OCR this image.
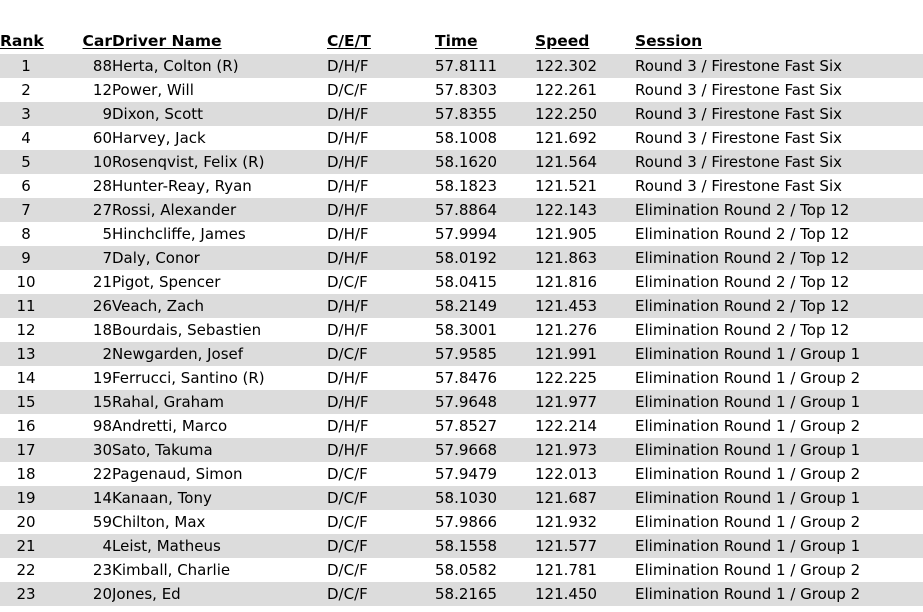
Rank	Car	Driver Name	C/E/T	Time	Speed	Session
1	88	Herta, Colton (R)	D/H/F	57.8111	122.302	Round 3 / Firestone Fast Six
2	12	Power, Will	D/C/F	57.8303	122.261	Round 3 / Firestone Fast Six
3	9	Dixon, Scott	D/H/F	57.8355	122.250	Round 3 / Firestone Fast Six
4	60	Harvey, Jack	D/H/F	58.1008	121.692	Round 3 / Firestone Fast Six
5	10	Rosenqvist, Felix (R)	D/H/F	58.1620	121.564	Round 3 / Firestone Fast Six
6	28	Hunter-Reay, Ryan	D/H/F	58.1823	121.521	Round 3 / Firestone Fast Six
7	27	Rossi, Alexander	D/H/F	57.8864	122.143	Elimination Round 2 / Top 12
8	5	Hinchcliffe, James	D/H/F	57.9994	121.905	Elimination Round 2 / Top 12
9	7	Daly, Conor	D/H/F	58.0192	121.863	Elimination Round 2 / Top 12
10	21	Pigot, Spencer	D/C/F	58.0415	121.816	Elimination Round 2 / Top 12
11	26	Veach, Zach	D/H/F	58.2149	121.453	Elimination Round 2 / Top 12
12	18	Bourdais, Sebastien	D/H/F	58.3001	121.276	Elimination Round 2 / Top 12
13	2	Newgarden, Josef	D/C/F	57.9585	121.991	Elimination Round 1 / Group 1
14	19	Ferrucci, Santino (R)	D/H/F	57.8476	122.225	Elimination Round 1 / Group 2
15	15	Rahal, Graham	D/H/F	57.9648	121.977	Elimination Round 1 / Group 1
16	98	Andretti, Marco	D/H/F	57.8527	122.214	Elimination Round 1 / Group 2
17	30	Sato, Takuma	D/H/F	57.9668	121.973	Elimination Round 1 / Group 1
18	22	Pagenaud, Simon	D/C/F	57.9479	122.013	Elimination Round 1 / Group 2
19	14	Kanaan, Tony	D/C/F	58.1030	121.687	Elimination Round 1 / Group 1
20	59	Chilton, Max	D/C/F	57.9866	121.932	Elimination Round 1 / Group 2
21	4	Leist, Matheus	D/C/F	58.1558	121.577	Elimination Round 1 / Group 1
22	23	Kimball, Charlie	D/C/F	58.0582	121.781	Elimination Round 1 / Group 2
23	20	Jones, Ed	D/C/F	58.2165	121.450	Elimination Round 1 / Group 2
